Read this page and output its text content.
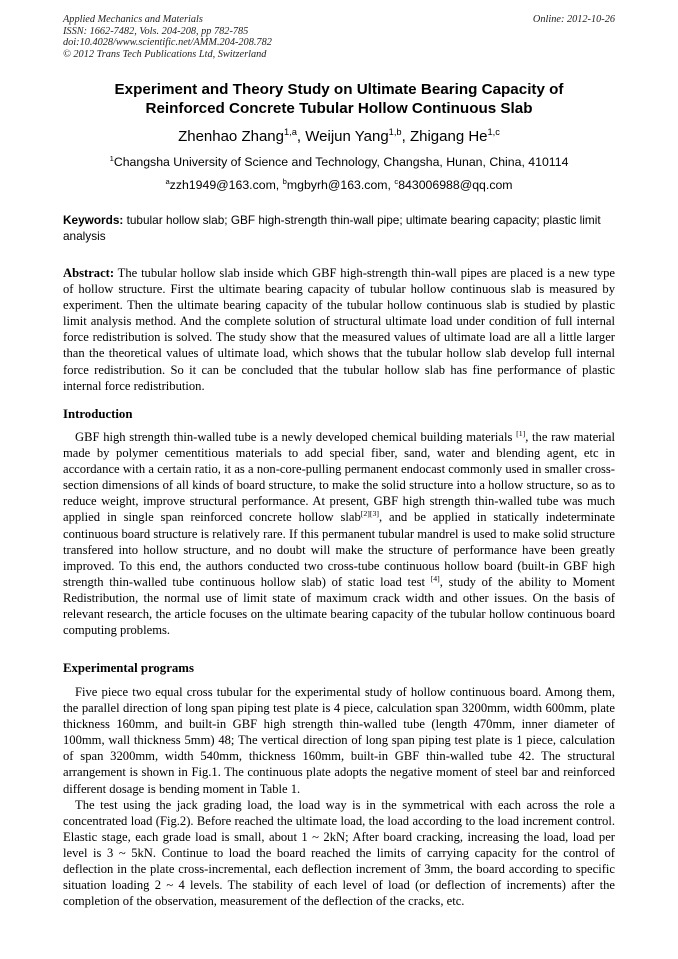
Applied Mechanics and Materials
ISSN: 1662-7482, Vols. 204-208, pp 782-785
doi:10.4028/www.scientific.net/AMM.204-208.782
© 2012 Trans Tech Publications Ltd, Switzerland
Online: 2012-10-26
Experiment and Theory Study on Ultimate Bearing Capacity of
Reinforced Concrete Tubular Hollow Continuous Slab
Zhenhao Zhang$^{1,a}$, Weijun Yang$^{1,b}$, Zhigang He$^{1,c}$
$^1$Changsha University of Science and Technology, Changsha, Hunan, China, 410114
$^a$zzh1949@163.com, $^b$mgbyrh@163.com, $^c$843006988@qq.com
Keywords: tubular hollow slab; GBF high-strength thin-wall pipe; ultimate bearing capacity; plastic limit analysis
Abstract: The tubular hollow slab inside which GBF high-strength thin-wall pipes are placed is a new type of hollow structure. First the ultimate bearing capacity of tubular hollow continuous slab is measured by experiment. Then the ultimate bearing capacity of the tubular hollow continuous slab is studied by plastic limit analysis method. And the complete solution of structural ultimate load under condition of full internal force redistribution is solved. The study show that the measured values of ultimate load are all a little larger than the theoretical values of ultimate load, which shows that the tubular hollow slab develop full internal force redistribution. So it can be concluded that the tubular hollow slab has fine performance of plastic internal force redistribution.
Introduction

GBF high strength thin-walled tube is a newly developed chemical building materials [1], the raw material made by polymer cementitious materials to add special fiber, sand, water and blending agent, etc in accordance with a certain ratio, it as a non-core-pulling permanent endocast commonly used in smaller cross-section dimensions of all kinds of board structure, to make the solid structure into a hollow structure, so as to reduce weight, improve structural performance. At present, GBF high strength thin-walled tube was much applied in single span reinforced concrete hollow slab[2][3], and be applied in statically indeterminate continuous board structure is relatively rare. If this permanent tubular mandrel is used to make solid structure transfered into hollow structure, and no doubt will make the structure of performance have been greatly improved. To this end, the authors conducted two cross-tube continuous hollow board (built-in GBF high strength thin-walled tube continuous hollow slab) of static load test [4], study of the ability to Moment Redistribution, the normal use of limit state of maximum crack width and other issues. On the basis of relevant research, the article focuses on the ultimate bearing capacity of the tubular hollow continuous board computing problems.

Experimental programs

Five piece two equal cross tubular for the experimental study of hollow continuous board. Among them, the parallel direction of long span piping test plate is 4 piece, calculation span 3200mm, width 600mm, plate thickness 160mm, and built-in GBF high strength thin-walled tube (length 470mm, inner diameter of 100mm, wall thickness 5mm) 48; The vertical direction of long span piping test plate is 1 piece, calculation of span 3200mm, width 540mm, thickness 160mm, built-in GBF thin-walled tube 42. The structural arrangement is shown in Fig.1. The continuous plate adopts the negative moment of steel bar and reinforced different dosage is bending moment in Table 1.

The test using the jack grading load, the load way is in the symmetrical with each across the role a concentrated load (Fig.2). Before reached the ultimate load, the load according to the load increment control. Elastic stage, each grade load is small, about 1 ~ 2kN; After board cracking, increasing the load, load per level is 3 ~ 5kN. Continue to load the board reached the limits of carrying capacity for the control of deflection in the plate cross-incremental, each deflection increment of 3mm, the board according to specific situation loading 2 ~ 4 levels. The stability of each level of load (or deflection of increments) after the completion of the observation, measurement of the deflection of the cracks, etc.
